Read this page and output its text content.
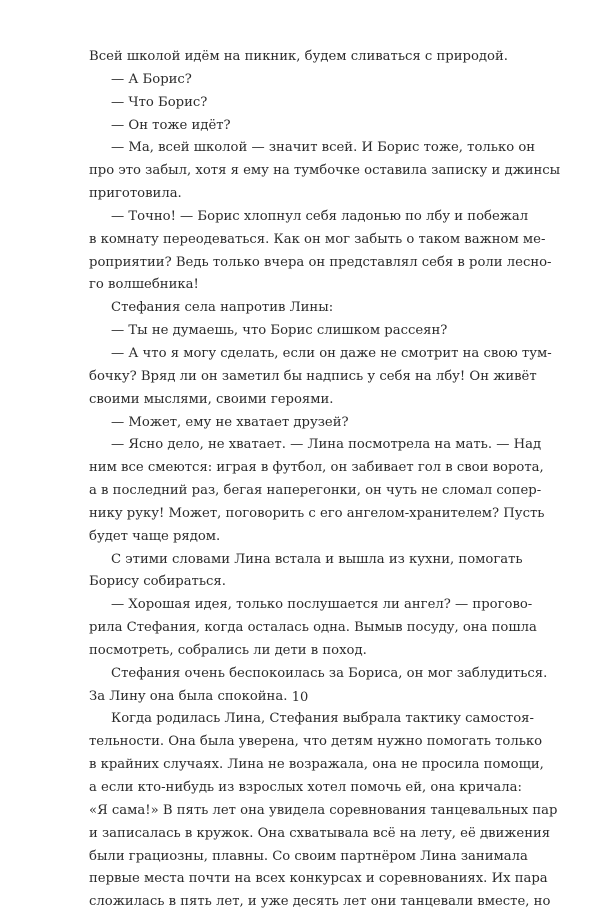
Всей школой идём на пикник, будем сливаться с природой.
— А Борис?
— Что Борис?
— Он тоже идёт?
— Ма, всей школой — значит всей. И Борис тоже, только он
про это забыл, хотя я ему на тумбочке оставила записку и джинсы
приготовила.
— Точно! — Борис хлопнул себя ладонью по лбу и побежал
в комнату переодеваться. Как он мог забыть о таком важном ме-
роприятии? Ведь только вчера он представлял себя в роли лесно-
го волшебника!
Стефания села напротив Лины:
— Ты не думаешь, что Борис слишком рассеян?
— А что я могу сделать, если он даже не смотрит на свою тум-
бочку? Вряд ли он заметил бы надпись у себя на лбу! Он живёт
своими мыслями, своими героями.
— Может, ему не хватает друзей?
— Ясно дело, не хватает. — Лина посмотрела на мать. — Над
ним все смеются: играя в футбол, он забивает гол в свои ворота,
а в последний раз, бегая наперегонки, он чуть не сломал сопер-
нику руку! Может, поговорить с его ангелом-хранителем? Пусть
будет чаще рядом.
С этими словами Лина встала и вышла из кухни, помогать
Борису собираться.
— Хорошая идея, только послушается ли ангел? — прогово-
рила Стефания, когда осталась одна. Вымыв посуду, она пошла
посмотреть, собрались ли дети в поход.
Стефания очень беспокоилась за Бориса, он мог заблудиться.
За Лину она была спокойна.
Когда родилась Лина, Стефания выбрала тактику самостоя-
тельности. Она была уверена, что детям нужно помогать только
в крайних случаях. Лина не возражала, она не просила помощи,
а если кто-нибудь из взрослых хотел помочь ей, она кричала:
«Я сама!» В пять лет она увидела соревнования танцевальных пар
и записалась в кружок. Она схватывала всё на лету, её движения
были грациозны, плавны. Со своим партнёром Лина занимала
первые места почти на всех конкурсах и соревнованиях. Их пара
сложилась в пять лет, и уже десять лет они танцевали вместе, но
10
